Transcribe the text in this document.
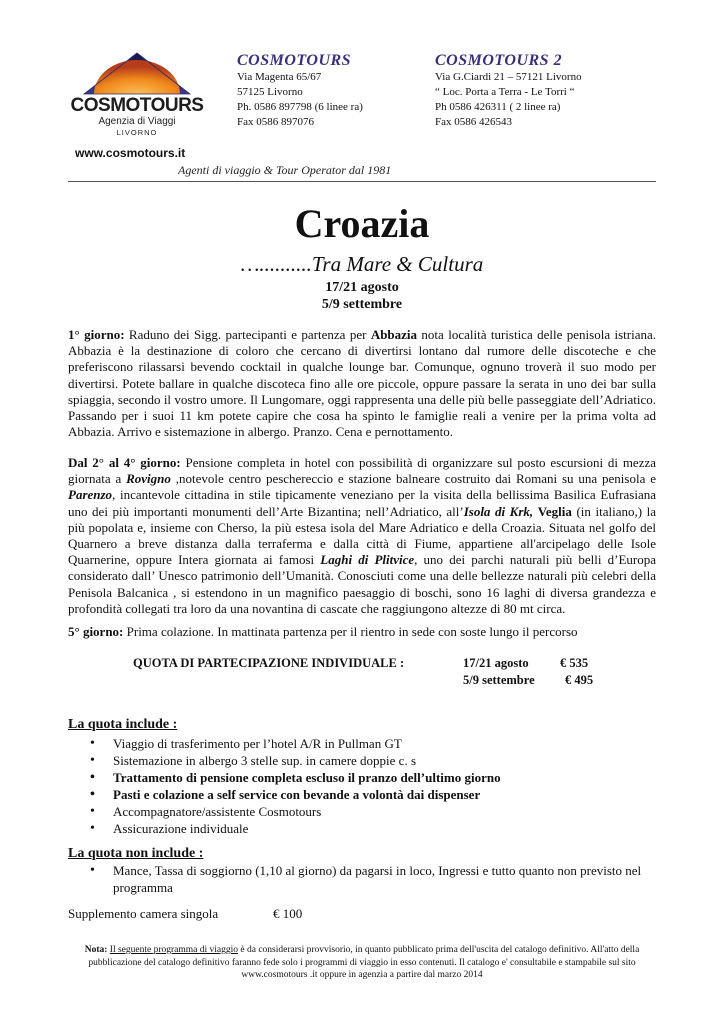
COSMOTOURS
Agenzia di Viaggi
LIVORNO
COSMOTOURS
Via Magenta 65/67
57125 Livorno
Ph. 0586 897798 (6 linee ra)
Fax 0586 897076
COSMOTOURS 2
Via G.Ciardi 21 – 57121 Livorno
“ Loc. Porta a Terra - Le Torri “
Ph 0586 426311 ( 2 linee ra)
Fax 0586 426543
www.cosmotours.it
Agenti di viaggio & Tour Operator dal 1981
Croazia
…..........Tra Mare & Cultura
17/21 agosto
5/9 settembre
1° giorno: Raduno dei Sigg. partecipanti e partenza per Abbazia nota località turistica delle penisola istriana. Abbazia è la destinazione di coloro che cercano di divertirsi lontano dal rumore delle discoteche e che preferiscono rilassarsi bevendo cocktail in qualche lounge bar. Comunque, ognuno troverà il suo modo per divertirsi. Potete ballare in qualche discoteca fino alle ore piccole, oppure passare la serata in uno dei bar sulla spiaggia, secondo il vostro umore. Il Lungomare, oggi rappresenta una delle più belle passeggiate dell’Adriatico. Passando per i suoi 11 km potete capire che cosa ha spinto le famiglie reali a venire per la prima volta ad Abbazia. Arrivo e sistemazione in albergo. Pranzo. Cena e pernottamento.
Dal 2° al 4° giorno: Pensione completa in hotel con possibilità di organizzare sul posto escursioni di mezza giornata a Rovigno ,notevole centro peschereccio e stazione balneare costruito dai Romani su una penisola e Parenzo, incantevole cittadina in stile tipicamente veneziano per la visita della bellissima Basilica Eufrasiana uno dei più importanti monumenti dell’Arte Bizantina; nell’Adriatico, all’Isola di Krk, Veglia (in italiano,) la più popolata e, insieme con Cherso, la più estesa isola del Mare Adriatico e della Croazia. Situata nel golfo del Quarnero a breve distanza dalla terraferma e dalla città di Fiume, appartiene all'arcipelago delle Isole Quarnerine, oppure Intera giornata ai famosi Laghi di Plitvice, uno dei parchi naturali più belli d’Europa considerato dall’ Unesco patrimonio dell’Umanità. Conosciuti come una delle bellezze naturali più celebri della Penisola Balcanica , si estendono in un magnifico paesaggio di boschi, sono 16 laghi di diversa grandezza e profondità collegati tra loro da una novantina di cascate che raggiungono altezze di 80 mt circa.
5° giorno: Prima colazione. In mattinata partenza per il rientro in sede con soste lungo il percorso
QUOTA DI PARTECIPAZIONE INDIVIDUALE :	17/21 agosto	€ 535
5/9 settembre € 495
La quota include :
• Viaggio di trasferimento per l’hotel A/R in Pullman GT
• Sistemazione in albergo 3 stelle sup. in camere doppie c. s
• Trattamento di pensione completa escluso il pranzo dell’ultimo giorno
• Pasti e colazione a self service con bevande a volontà dai dispenser
• Accompagnatore/assistente Cosmotours
• Assicurazione individuale
La quota non include :
• Mance, Tassa di soggiorno (1,10 al giorno) da pagarsi in loco, Ingressi e tutto quanto non previsto nel programma
Supplemento camera singola	€ 100
Nota: Il seguente programma di viaggio è da considerarsi provvisorio, in quanto pubblicato prima dell'uscita del catalogo definitivo. All'atto della pubblicazione del catalogo definitivo faranno fede solo i programmi di viaggio in esso contenuti. Il catalogo e' consultabile e stampabile sul sito www.cosmotours .it oppure in agenzia a partire dal marzo 2014
